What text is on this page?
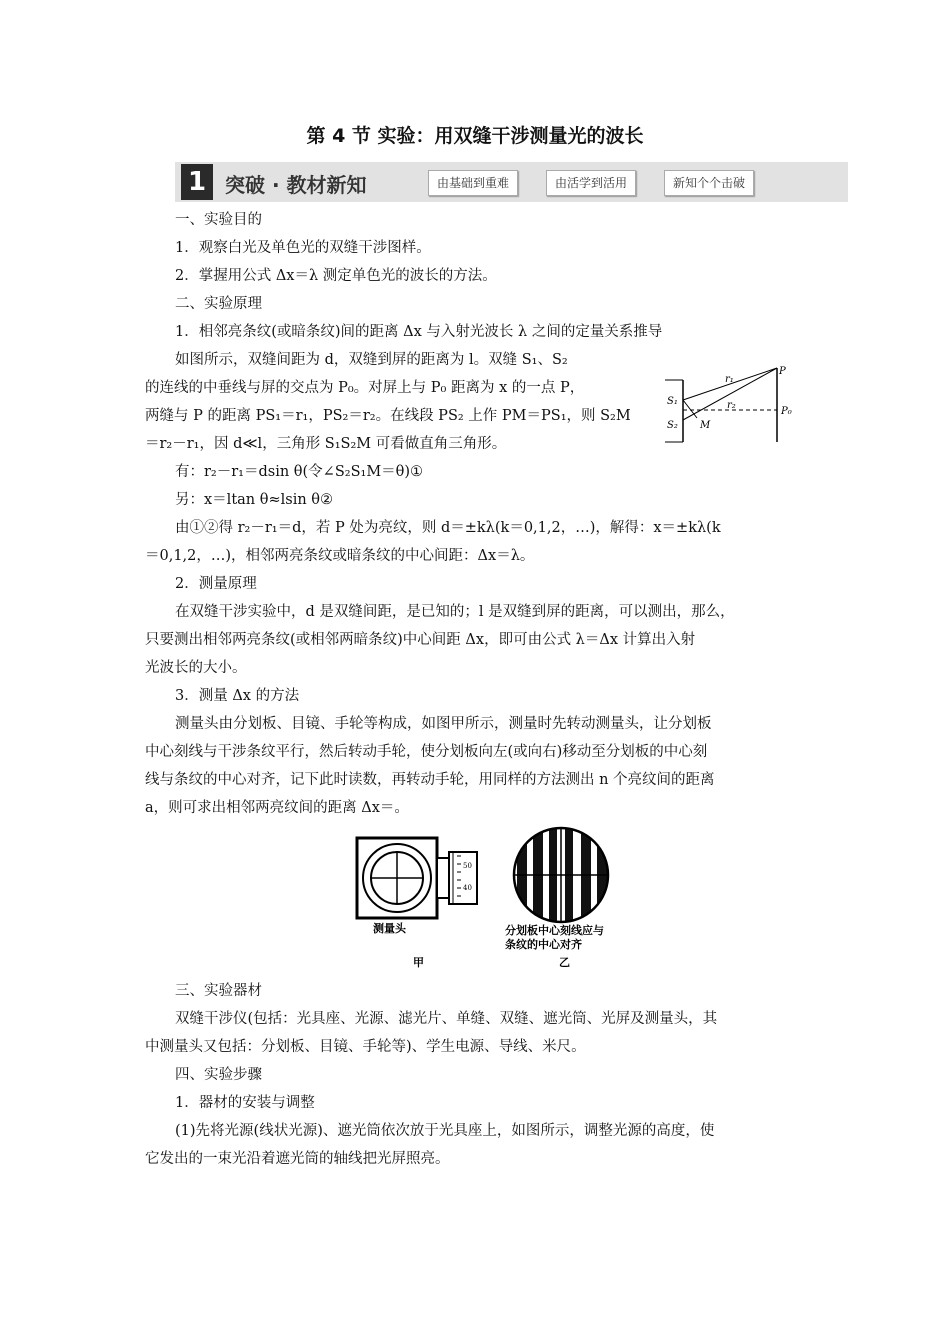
第 4 节 实验：用双缝干涉测量光的波长
1 突破 · 教材新知	由基础到重难	由活学到活用	新知个个击破
一、实验目的
1．观察白光及单色光的双缝干涉图样。
2．掌握用公式 Δx＝λ 测定单色光的波长的方法。
二、实验原理
1．相邻亮条纹(或暗条纹)间的距离 Δx 与入射光波长 λ 之间的定量关系推导
如图所示，双缝间距为 d，双缝到屏的距离为 l。双缝 S₁、S₂
的连线的中垂线与屏的交点为 P₀。对屏上与 P₀ 距离为 x 的一点 P，
两缝与 P 的距离 PS₁＝r₁，PS₂＝r₂。在线段 PS₂ 上作 PM＝PS₁，则 S₂M
＝r₂－r₁，因 d≪l，三角形 S₁S₂M 可看做直角三角形。
有：r₂－r₁＝dsin θ(令∠S₂S₁M＝θ)①
另：x＝ltan θ≈lsin θ②
由①②得 r₂－r₁＝d，若 P 处为亮纹，则 d＝±kλ(k＝0,1,2，…)，解得：x＝±kλ(k
＝0,1,2，…)，相邻两亮条纹或暗条纹的中心间距：Δx＝λ。
2．测量原理
在双缝干涉实验中，d 是双缝间距，是已知的；l 是双缝到屏的距离，可以测出，那么，
只要测出相邻两亮条纹(或相邻两暗条纹)中心间距 Δx，即可由公式 λ＝Δx 计算出入射
光波长的大小。
3．测量 Δx 的方法
测量头由分划板、目镜、手轮等构成，如图甲所示，测量时先转动测量头，让分划板
中心刻线与干涉条纹平行，然后转动手轮，使分划板向左(或向右)移动至分划板的中心刻
线与条纹的中心对齐，记下此时读数，再转动手轮，用同样的方法测出 n 个亮纹间的距离
a，则可求出相邻两亮纹间的距离 Δx＝。
三、实验器材
双缝干涉仪(包括：光具座、光源、滤光片、单缝、双缝、遮光筒、光屏及测量头，其
中测量头又包括：分划板、目镜、手轮等)、学生电源、导线、米尺。
四、实验步骤
1．器材的安装与调整
(1)先将光源(线状光源)、遮光筒依次放于光具座上，如图所示，调整光源的高度，使
它发出的一束光沿着遮光筒的轴线把光屏照亮。
S₁
S₂ M
r₁
r₂
P
P₀
50
40
测量头
甲
分划板中心刻线应与
条纹的中心对齐
乙
